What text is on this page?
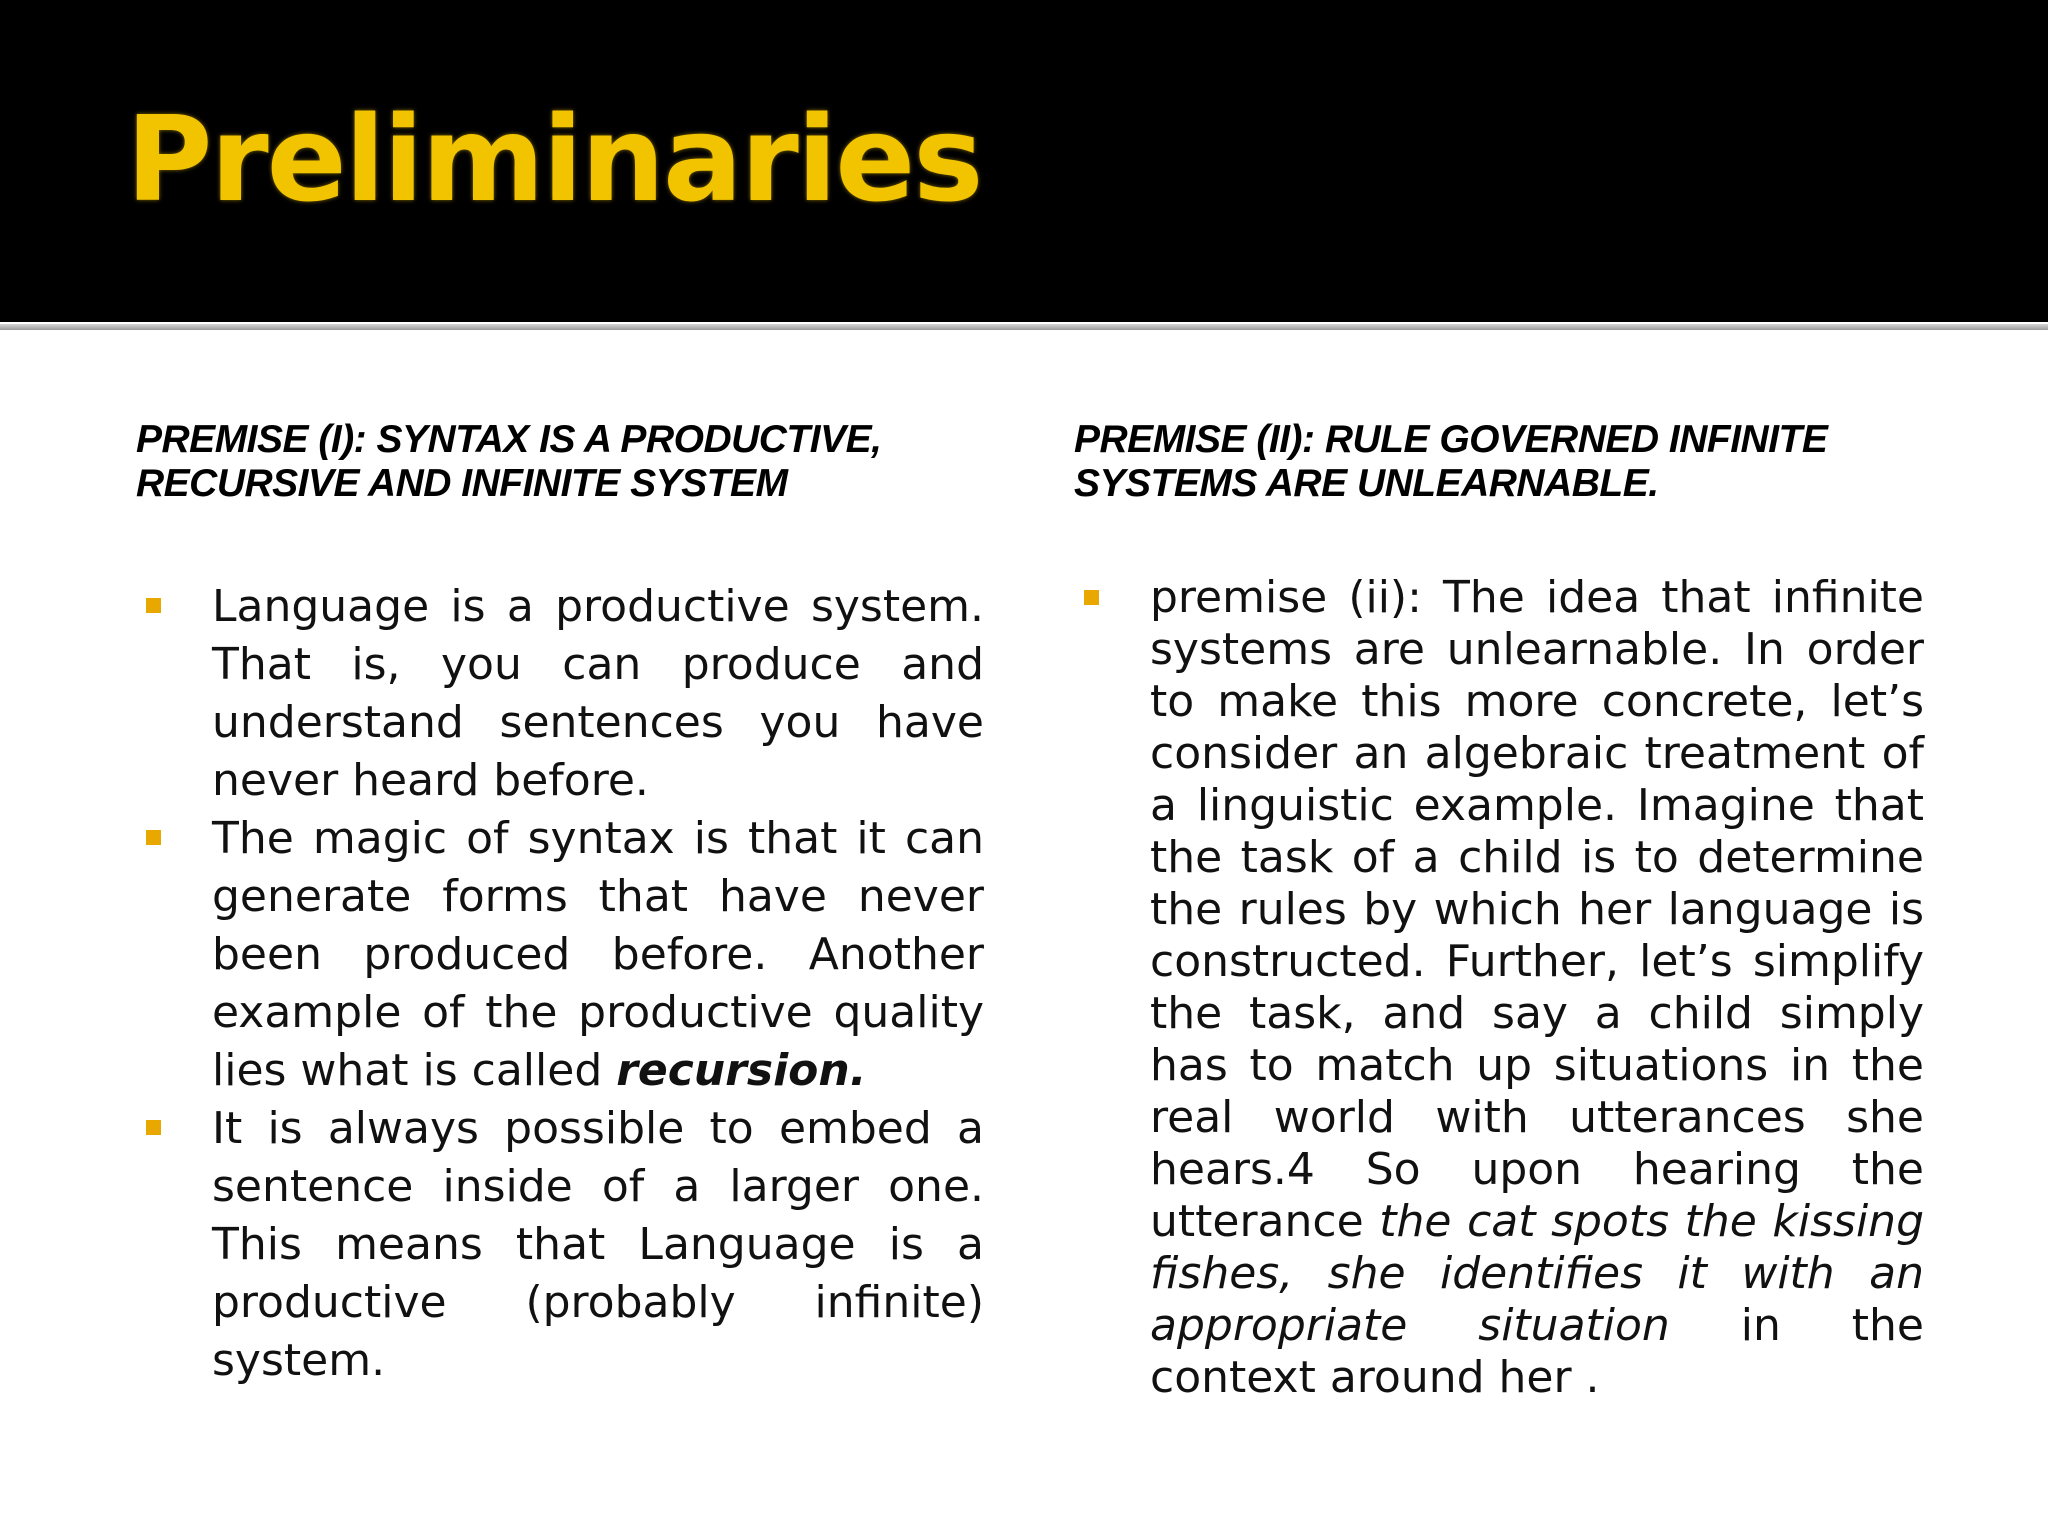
Preliminaries
PREMISE (I): SYNTAX IS A PRODUCTIVE,
RECURSIVE AND INFINITE SYSTEM
Language is a productive system. That is, you can produce and understand sentences you have never heard before.
The magic of syntax is that it can generate forms that have never been produced before. Another example of the productive quality lies what is called recursion.
It is always possible to embed a sentence inside of a larger one. This means that Language is a productive (probably infinite) system.
PREMISE (II): RULE GOVERNED INFINITE
SYSTEMS ARE UNLEARNABLE.
premise (ii): The idea that infinite systems are unlearnable. In order to make this more concrete, let’s consider an algebraic treatment of a linguistic example. Imagine that the task of a child is to determine the rules by which her language is constructed. Further, let’s simplify the task, and say a child simply has to match up situations in the real world with utterances she hears.4 So upon hearing the utterance the cat spots the kissing fishes, she identifies it with an appropriate situation in the context around her .
